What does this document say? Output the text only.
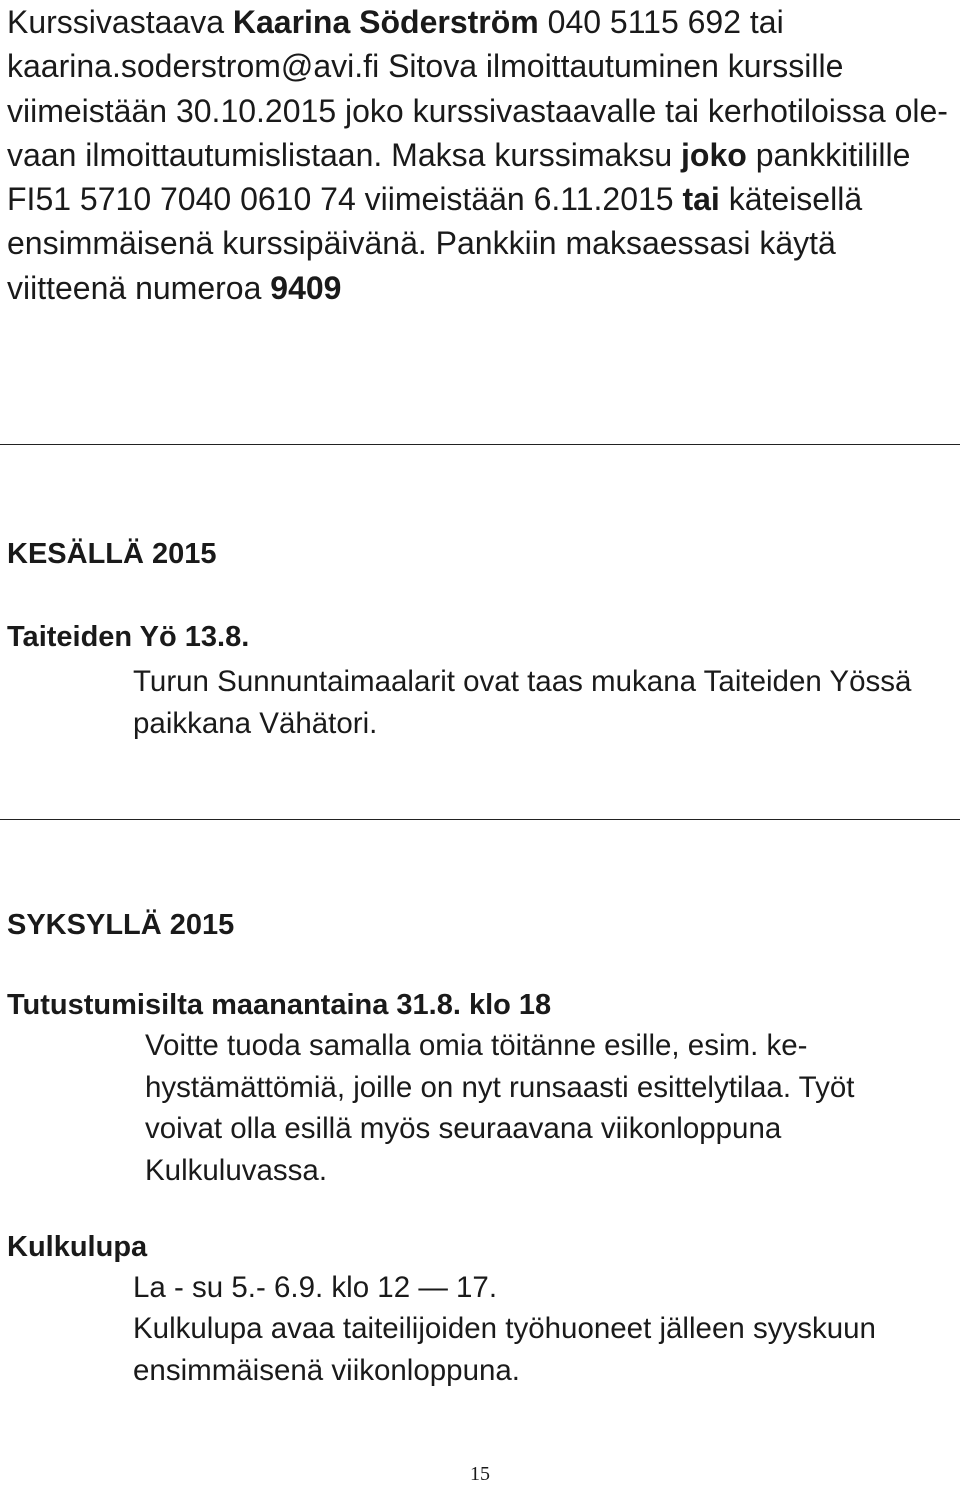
Kurssivastaava Kaarina Söderström 040 5115 692 tai kaarina.soderstrom@avi.fi Sitova ilmoittautuminen kurssille viimeistään 30.10.2015 joko kurssivastaavalle tai kerhotiloissa olevaan ilmoittautumislistaan. Maksa kurssimaksu joko pankkitilille FI51 5710 7040 0610 74 viimeistään 6.11.2015 tai käteisellä ensimmäisenä kurssipäivänä. Pankkiin maksaessasi käytä viitteenä numeroa 9409

KESÄLLÄ 2015
Taiteiden Yö 13.8.

Turun Sunnuntaimaalarit ovat taas mukana Taiteiden Yössä paikkana Vähätori.

SYKSYLLÄ 2015
Tutustumisilta maanantaina 31.8. klo 18

Voitte tuoda samalla omia töitänne esille, esim. kehystämättömiä, joille on nyt runsaasti esittelytilaa. Työt voivat olla esillä myös seuraavana viikonloppuna Kulkuluvassa.

Kulkulupa

La - su 5.- 6.9. klo 12 — 17.

Kulkulupa avaa taiteilijoiden työhuoneet jälleen syyskuun ensimmäisenä viikonloppuna.

15
